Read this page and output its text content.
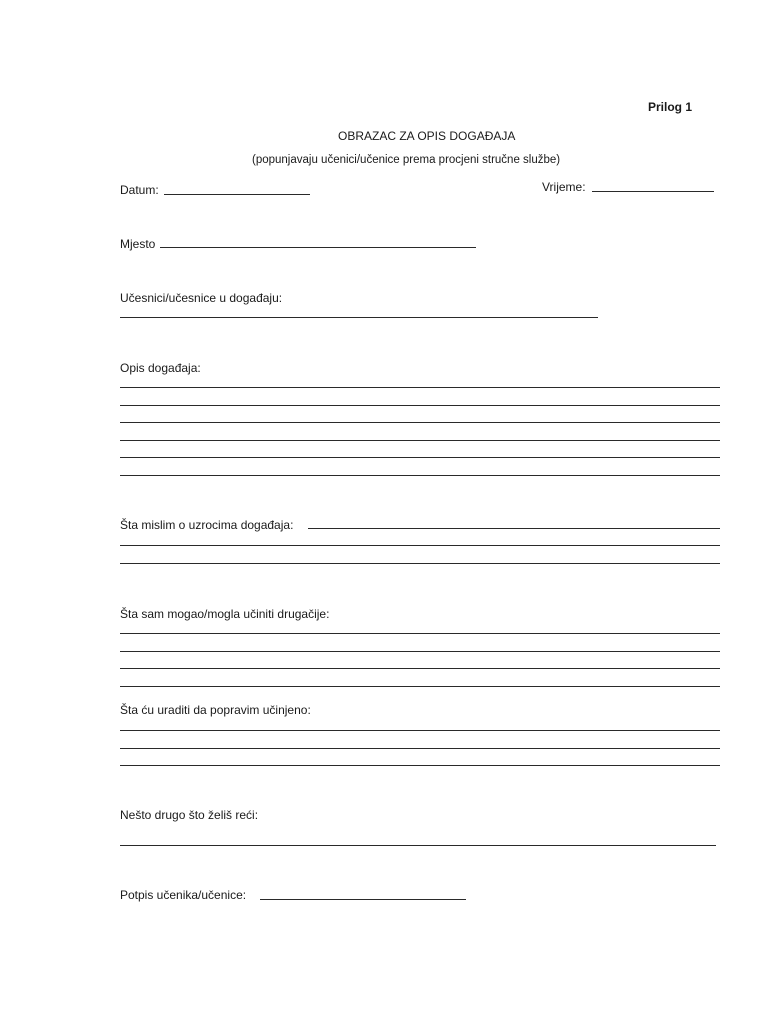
Prilog 1
OBRAZAC ZA OPIS DOGAĐAJA
(popunjavaju učenici/učenice prema procjeni stručne službe)
Datum:	Vrijeme:
Mjesto
Učesnici/učesnice u događaju:
Opis događaja:
Šta mislim o uzrocima događaja:
Šta sam mogao/mogla učiniti drugačije:
Šta ću uraditi da popravim učinjeno:
Nešto drugo što želiš reći:
Potpis učenika/učenice:
